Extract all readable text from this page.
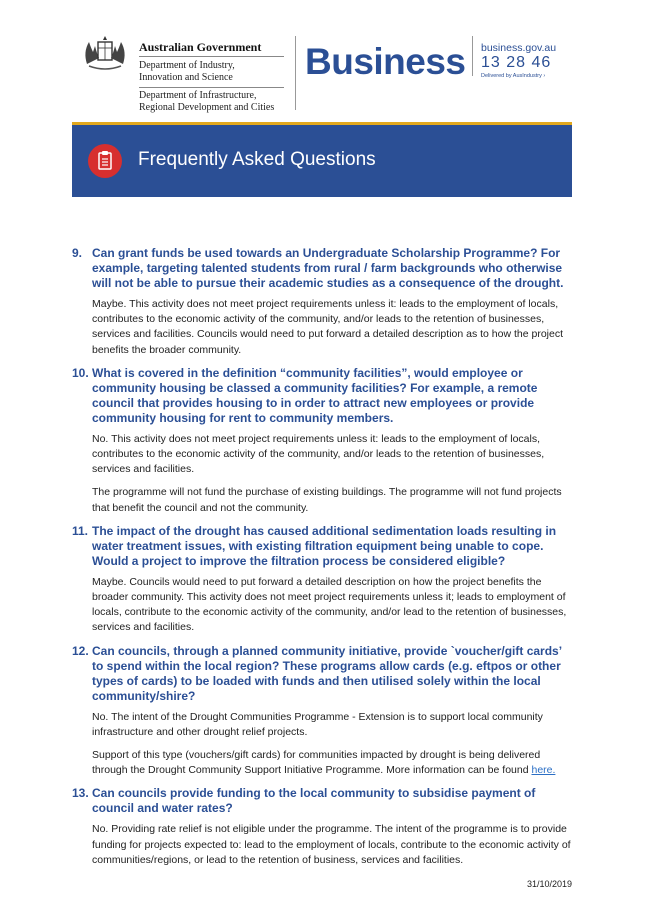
Australian Government
Department of Industry,
Innovation and Science
Department of Infrastructure,
Regional Development and Cities
Business business.gov.au
13 28 46
Delivered by AusIndustry ›
Frequently Asked Questions
9. Can grant funds be used towards an Undergraduate Scholarship Programme? For example, targeting talented students from rural / farm backgrounds who otherwise will not be able to pursue their academic studies as a consequence of the drought.
Maybe. This activity does not meet project requirements unless it: leads to the employment of locals, contributes to the economic activity of the community, and/or leads to the retention of businesses, services and facilities. Councils would need to put forward a detailed description as to how the project benefits the broader community.
10. What is covered in the definition “community facilities”, would employee or community housing be classed a community facilities? For example, a remote council that provides housing to in order to attract new employees or provide community housing for rent to community members.
No. This activity does not meet project requirements unless it: leads to the employment of locals, contributes to the economic activity of the community, and/or leads to the retention of businesses, services and facilities.
The programme will not fund the purchase of existing buildings. The programme will not fund projects that benefit the council and not the community.
11. The impact of the drought has caused additional sedimentation loads resulting in water treatment issues, with existing filtration equipment being unable to cope. Would a project to improve the filtration process be considered eligible?
Maybe. Councils would need to put forward a detailed description on how the project benefits the broader community. This activity does not meet project requirements unless it; leads to employment of locals, contribute to the economic activity of the community, and/or lead to the retention of businesses, services and facilities.
12. Can councils, through a planned community initiative, provide `voucher/gift cards’ to spend within the local region? These programs allow cards (e.g. eftpos or other types of cards) to be loaded with funds and then utilised solely within the local community/shire?
No. The intent of the Drought Communities Programme - Extension is to support local community infrastructure and other drought relief projects.
Support of this type (vouchers/gift cards) for communities impacted by drought is being delivered through the Drought Community Support Initiative Programme. More information can be found here.
13. Can councils provide funding to the local community to subsidise payment of council and water rates?
No. Providing rate relief is not eligible under the programme. The intent of the programme is to provide funding for projects expected to: lead to the employment of locals, contribute to the economic activity of communities/regions, or lead to the retention of business, services and facilities.
31/10/2019
